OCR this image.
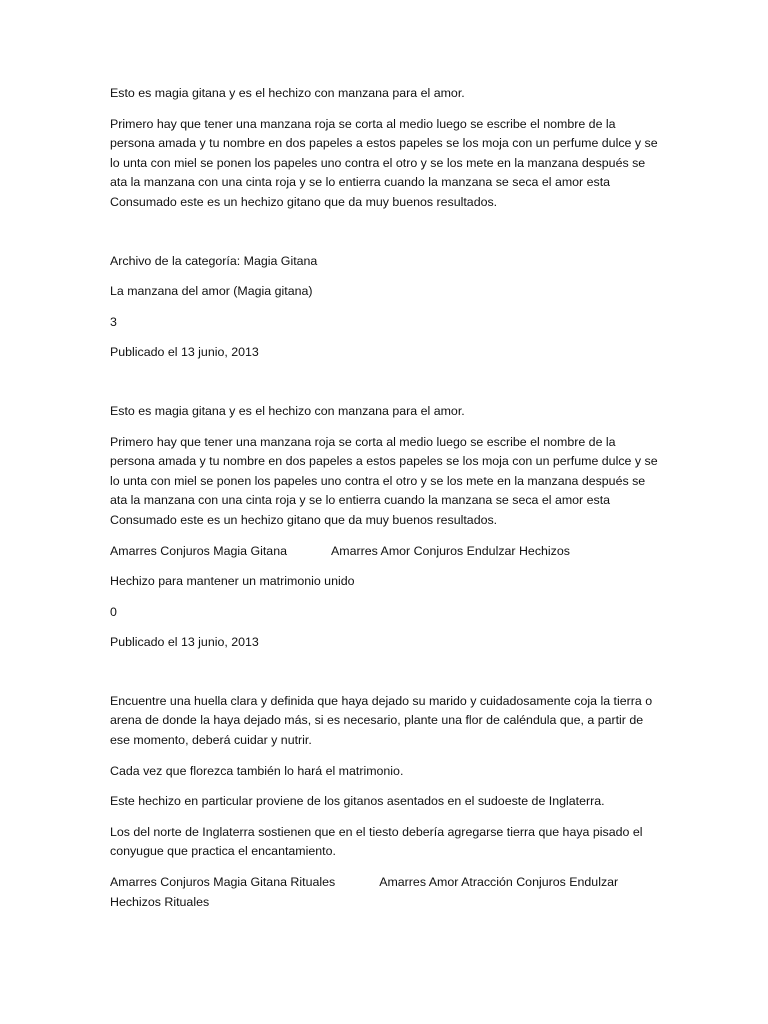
Esto es magia gitana y es el hechizo con manzana para el amor.

Primero hay que tener una manzana roja se corta al medio luego se escribe el nombre de la persona amada y tu nombre en dos papeles a estos papeles se los moja con un perfume dulce y se lo unta con miel se ponen los papeles uno contra el otro y se los mete en la manzana después se ata la manzana con una cinta roja y se lo entierra cuando la manzana se seca el amor esta Consumado este es un hechizo gitano que da muy buenos resultados.

Archivo de la categoría: Magia Gitana

La manzana del amor (Magia gitana)

3

Publicado el 13 junio, 2013

Esto es magia gitana y es el hechizo con manzana para el amor.

Primero hay que tener una manzana roja se corta al medio luego se escribe el nombre de la persona amada y tu nombre en dos papeles a estos papeles se los moja con un perfume dulce y se lo unta con miel se ponen los papeles uno contra el otro y se los mete en la manzana después se ata la manzana con una cinta roja y se lo entierra cuando la manzana se seca el amor esta Consumado este es un hechizo gitano que da muy buenos resultados.

Amarres Conjuros Magia Gitana	Amarres Amor Conjuros Endulzar Hechizos

Hechizo para mantener un matrimonio unido

0

Publicado el 13 junio, 2013

Encuentre una huella clara y definida que haya dejado su marido y cuidadosamente coja la tierra o arena de donde la haya dejado más, si es necesario, plante una flor de caléndula que, a partir de ese momento, deberá cuidar y nutrir.

Cada vez que florezca también lo hará el matrimonio.

Este hechizo en particular proviene de los gitanos asentados en el sudoeste de Inglaterra.

Los del norte de Inglaterra sostienen que en el tiesto debería agregarse tierra que haya pisado el conyugue que practica el encantamiento.

Amarres Conjuros Magia Gitana Rituales	Amarres Amor Atracción Conjuros Endulzar Hechizos Rituales
